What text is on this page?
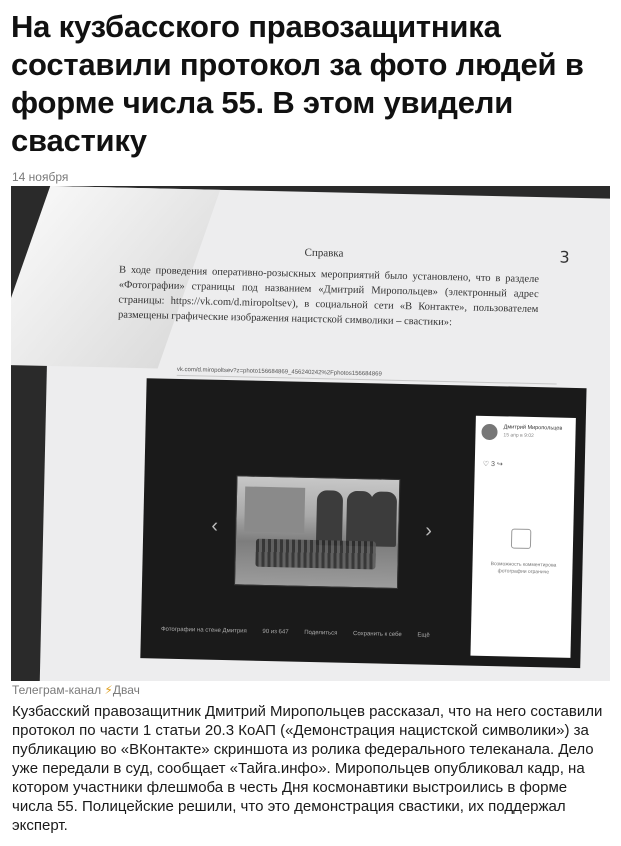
На кузбасского правозащитника составили протокол за фото людей в форме числа 55. В этом увидели свастику
14 ноября
Справка	3
В ходе проведения оперативно-розыскных мероприятий было установлено, что в разделе «Фотографии» страницы под названием «Дмитрий Миропольцев» (электронный адрес страницы: https://vk.com/d.miropoltsev), в социальной сети «В Контакте», пользователем размещены графические изображения нацистской символики – свастики»:
vk.com/d.miropoltsev?z=photo156684869_456240242%2Fphotos156684869
‹	›
Фотографии на стене Дмитрия	90 из 647	Поделиться	Сохранить к себе	Ещё
Дмитрий Миропольцев
15 апр в 9:02
♡ 3 ↪
Возможность комментирова фотографии ограниче
Телеграм-канал ⚡Двач

Кузбасский правозащитник Дмитрий Миропольцев рассказал, что на него составили протокол по части 1 статьи 20.3 КоАП («Демонстрация нацистской символики») за публикацию во «ВКонтакте» скриншота из ролика федерального телеканала. Дело уже передали в суд, сообщает «Тайга.инфо». Миропольцев опубликовал кадр, на котором участники флешмоба в честь Дня космонавтики выстроились в форме числа 55. Полицейские решили, что это демонстрация свастики, их поддержал эксперт.
